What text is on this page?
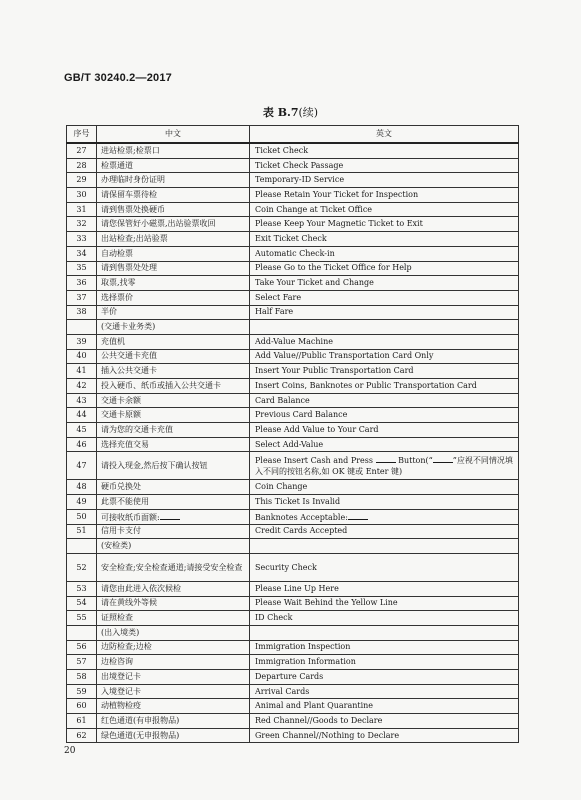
GB/T 30240.2—2017
表 B.7(续)
序号	中文	英文
27	进站检票;检票口	Ticket Check
28	检票通道	Ticket Check Passage
29	办理临时身份证明	Temporary-ID Service
30	请保留车票待检	Please Retain Your Ticket for Inspection
31	请到售票处换硬币	Coin Change at Ticket Office
32	请您保管好小磁票,出站验票收回	Please Keep Your Magnetic Ticket to Exit
33	出站检查;出站验票	Exit Ticket Check
34	自动检票	Automatic Check-in
35	请到售票处处理	Please Go to the Ticket Office for Help
36	取票,找零	Take Your Ticket and Change
37	选择票价	Select Fare
38	半价	Half Fare
	(交通卡业务类)	
39	充值机	Add-Value Machine
40	公共交通卡充值	Add Value//Public Transportation Card Only
41	插入公共交通卡	Insert Your Public Transportation Card
42	投入硬币、纸币或插入公共交通卡	Insert Coins, Banknotes or Public Transportation Card
43	交通卡余额	Card Balance
44	交通卡原额	Previous Card Balance
45	请为您的交通卡充值	Please Add Value to Your Card
46	选择充值交易	Select Add-Value
47	请投入现金,然后按下确认按钮	Please Insert Cash and Press Button(“ ”应视不同情况填入不同的按钮名称,如 OK 键或 Enter 键)
48	硬币兑换处	Coin Change
49	此票不能使用	This Ticket Is Invalid
50	可接收纸币面额:	Banknotes Acceptable:
51	信用卡支付	Credit Cards Accepted
	(安检类)	
52	安全检查;安全检查通道;请接受安全检查	Security Check
53	请您由此进入依次候检	Please Line Up Here
54	请在黄线外等候	Please Wait Behind the Yellow Line
55	证照检查	ID Check
	(出入境类)	
56	边防检查;边检	Immigration Inspection
57	边检咨询	Immigration Information
58	出境登记卡	Departure Cards
59	入境登记卡	Arrival Cards
60	动植物检疫	Animal and Plant Quarantine
61	红色通道(有申报物品)	Red Channel//Goods to Declare
62	绿色通道(无申报物品)	Green Channel//Nothing to Declare
20
